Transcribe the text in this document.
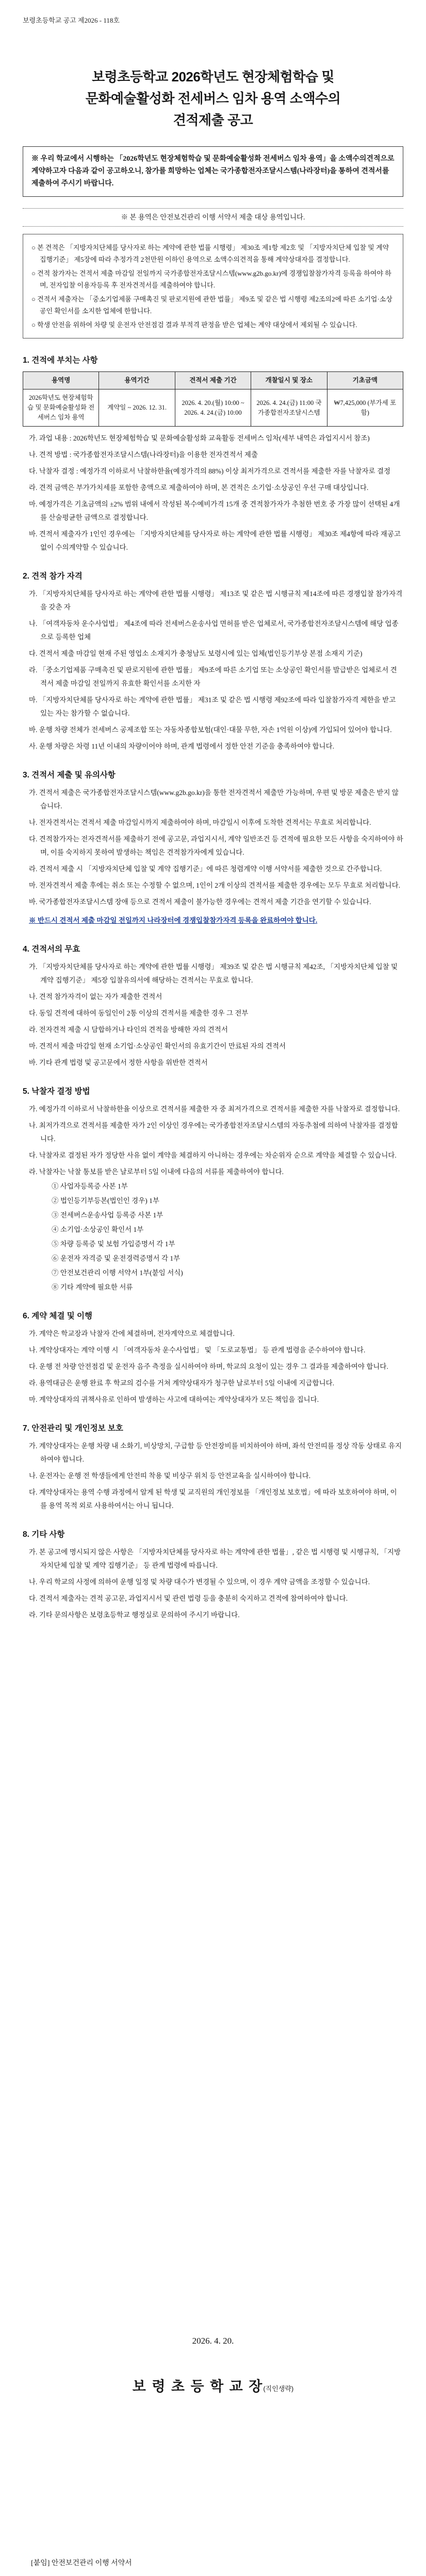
보령초등학교 공고 제2026 - 118호
보령초등학교 2026학년도 현장체험학습 및
문화예술활성화 전세버스 임차 용역 소액수의
견적제출 공고
※ 우리 학교에서 시행하는 「2026학년도 현장체험학습 및 문화예술활성화 전세버스 임차 용역」을 소액수의견적으로 계약하고자 다음과 같이 공고하오니, 참가를 희망하는 업체는 국가종합전자조달시스템(나라장터)을 통하여 견적서를 제출하여 주시기 바랍니다.
※ 본 용역은 안전보건관리 이행 서약서 제출 대상 용역입니다.

○ 본 견적은 「지방자치단체를 당사자로 하는 계약에 관한 법률 시행령」 제30조 제1항 제2호 및 「지방자치단체 입찰 및 계약 집행기준」 제5장에 따라 추정가격 2천만원 이하인 용역으로 소액수의견적을 통해 계약상대자를 결정합니다.

○ 견적 참가자는 견적서 제출 마감일 전일까지 국가종합전자조달시스템(www.g2b.go.kr)에 경쟁입찰참가자격 등록을 하여야 하며, 전자입찰 이용자등록 후 전자견적서를 제출하여야 합니다.

○ 견적서 제출자는 「중소기업제품 구매촉진 및 판로지원에 관한 법률」 제9조 및 같은 법 시행령 제2조의2에 따른 소기업·소상공인 확인서를 소지한 업체에 한합니다.

○ 학생 안전을 위하여 차량 및 운전자 안전점검 결과 부적격 판정을 받은 업체는 계약 대상에서 제외될 수 있습니다.

1. 견적에 부치는 사항
용역명	용역기간	견적서 제출 기간	개찰일시 및 장소	기초금액
2026학년도 현장체험학습 및 문화예술활성화 전세버스 임차 용역	계약일 ~ 2026. 12. 31.	2026. 4. 20.(월) 10:00 ~ 2026. 4. 24.(금) 10:00	2026. 4. 24.(금) 11:00 국가종합전자조달시스템	₩7,425,000 (부가세 포함)

가. 과업 내용 : 2026학년도 현장체험학습 및 문화예술활성화 교육활동 전세버스 임차(세부 내역은 과업지시서 참조)

나. 견적 방법 : 국가종합전자조달시스템(나라장터)을 이용한 전자견적서 제출

다. 낙찰자 결정 : 예정가격 이하로서 낙찰하한율(예정가격의 88%) 이상 최저가격으로 견적서를 제출한 자를 낙찰자로 결정

라. 견적 금액은 부가가치세를 포함한 총액으로 제출하여야 하며, 본 견적은 소기업·소상공인 우선 구매 대상입니다.

마. 예정가격은 기초금액의 ±2% 범위 내에서 작성된 복수예비가격 15개 중 견적참가자가 추첨한 번호 중 가장 많이 선택된 4개를 산술평균한 금액으로 결정합니다.

바. 견적서 제출자가 1인인 경우에는 「지방자치단체를 당사자로 하는 계약에 관한 법률 시행령」 제30조 제4항에 따라 재공고 없이 수의계약할 수 있습니다.

2. 견적 참가 자격

가. 「지방자치단체를 당사자로 하는 계약에 관한 법률 시행령」 제13조 및 같은 법 시행규칙 제14조에 따른 경쟁입찰 참가자격을 갖춘 자

나. 「여객자동차 운수사업법」 제4조에 따라 전세버스운송사업 면허를 받은 업체로서, 국가종합전자조달시스템에 해당 업종으로 등록한 업체

다. 견적서 제출 마감일 현재 주된 영업소 소재지가 충청남도 보령시에 있는 업체(법인등기부상 본점 소재지 기준)

라. 「중소기업제품 구매촉진 및 판로지원에 관한 법률」 제9조에 따른 소기업 또는 소상공인 확인서를 발급받은 업체로서 견적서 제출 마감일 전일까지 유효한 확인서를 소지한 자

마. 「지방자치단체를 당사자로 하는 계약에 관한 법률」 제31조 및 같은 법 시행령 제92조에 따라 입찰참가자격 제한을 받고 있는 자는 참가할 수 없습니다.

바. 운행 차량 전체가 전세버스 공제조합 또는 자동차종합보험(대인·대물 무한, 자손 1억원 이상)에 가입되어 있어야 합니다.

사. 운행 차량은 차령 11년 이내의 차량이어야 하며, 관계 법령에서 정한 안전 기준을 충족하여야 합니다.

3. 견적서 제출 및 유의사항

가. 견적서 제출은 국가종합전자조달시스템(www.g2b.go.kr)을 통한 전자견적서 제출만 가능하며, 우편 및 방문 제출은 받지 않습니다.

나. 전자견적서는 견적서 제출 마감일시까지 제출하여야 하며, 마감일시 이후에 도착한 견적서는 무효로 처리합니다.

다. 견적참가자는 전자견적서를 제출하기 전에 공고문, 과업지시서, 계약 일반조건 등 견적에 필요한 모든 사항을 숙지하여야 하며, 이를 숙지하지 못하여 발생하는 책임은 견적참가자에게 있습니다.

라. 견적서 제출 시 「지방자치단체 입찰 및 계약 집행기준」에 따른 청렴계약 이행 서약서를 제출한 것으로 간주합니다.

마. 전자견적서 제출 후에는 취소 또는 수정할 수 없으며, 1인이 2개 이상의 견적서를 제출한 경우에는 모두 무효로 처리합니다.

바. 국가종합전자조달시스템 장애 등으로 견적서 제출이 불가능한 경우에는 견적서 제출 기간을 연기할 수 있습니다.

※ 반드시 견적서 제출 마감일 전일까지 나라장터에 경쟁입찰참가자격 등록을 완료하여야 합니다.

4. 견적서의 무효

가. 「지방자치단체를 당사자로 하는 계약에 관한 법률 시행령」 제39조 및 같은 법 시행규칙 제42조, 「지방자치단체 입찰 및 계약 집행기준」 제5장 입찰유의서에 해당하는 견적서는 무효로 합니다.

나. 견적 참가자격이 없는 자가 제출한 견적서

다. 동일 견적에 대하여 동일인이 2통 이상의 견적서를 제출한 경우 그 전부

라. 전자견적 제출 시 담합하거나 타인의 견적을 방해한 자의 견적서

마. 견적서 제출 마감일 현재 소기업·소상공인 확인서의 유효기간이 만료된 자의 견적서

바. 기타 관계 법령 및 공고문에서 정한 사항을 위반한 견적서

5. 낙찰자 결정 방법

가. 예정가격 이하로서 낙찰하한율 이상으로 견적서를 제출한 자 중 최저가격으로 견적서를 제출한 자를 낙찰자로 결정합니다.

나. 최저가격으로 견적서를 제출한 자가 2인 이상인 경우에는 국가종합전자조달시스템의 자동추첨에 의하여 낙찰자를 결정합니다.

다. 낙찰자로 결정된 자가 정당한 사유 없이 계약을 체결하지 아니하는 경우에는 차순위자 순으로 계약을 체결할 수 있습니다.

라. 낙찰자는 낙찰 통보를 받은 날로부터 5일 이내에 다음의 서류를 제출하여야 합니다.

① 사업자등록증 사본 1부

② 법인등기부등본(법인인 경우) 1부

③ 전세버스운송사업 등록증 사본 1부

④ 소기업·소상공인 확인서 1부

⑤ 차량 등록증 및 보험 가입증명서 각 1부

⑥ 운전자 자격증 및 운전경력증명서 각 1부

⑦ 안전보건관리 이행 서약서 1부(붙임 서식)

⑧ 기타 계약에 필요한 서류

6. 계약 체결 및 이행

가. 계약은 학교장과 낙찰자 간에 체결하며, 전자계약으로 체결합니다.

나. 계약상대자는 계약 이행 시 「여객자동차 운수사업법」 및 「도로교통법」 등 관계 법령을 준수하여야 합니다.

다. 운행 전 차량 안전점검 및 운전자 음주 측정을 실시하여야 하며, 학교의 요청이 있는 경우 그 결과를 제출하여야 합니다.

라. 용역대금은 운행 완료 후 학교의 검수를 거쳐 계약상대자가 청구한 날로부터 5일 이내에 지급합니다.

마. 계약상대자의 귀책사유로 인하여 발생하는 사고에 대하여는 계약상대자가 모든 책임을 집니다.

7. 안전관리 및 개인정보 보호

가. 계약상대자는 운행 차량 내 소화기, 비상망치, 구급함 등 안전장비를 비치하여야 하며, 좌석 안전띠를 정상 작동 상태로 유지하여야 합니다.

나. 운전자는 운행 전 학생들에게 안전띠 착용 및 비상구 위치 등 안전교육을 실시하여야 합니다.

다. 계약상대자는 용역 수행 과정에서 알게 된 학생 및 교직원의 개인정보를 「개인정보 보호법」에 따라 보호하여야 하며, 이를 용역 목적 외로 사용하여서는 아니 됩니다.

8. 기타 사항

가. 본 공고에 명시되지 않은 사항은 「지방자치단체를 당사자로 하는 계약에 관한 법률」, 같은 법 시행령 및 시행규칙, 「지방자치단체 입찰 및 계약 집행기준」 등 관계 법령에 따릅니다.

나. 우리 학교의 사정에 의하여 운행 일정 및 차량 대수가 변경될 수 있으며, 이 경우 계약 금액을 조정할 수 있습니다.

다. 견적서 제출자는 견적 공고문, 과업지시서 및 관련 법령 등을 충분히 숙지하고 견적에 참여하여야 합니다.

라. 기타 문의사항은 보령초등학교 행정실로 문의하여 주시기 바랍니다.

2026. 4. 20.
보 령 초 등 학 교 장(직인생략)
[붙임] 안전보건관리 이행 서약서
